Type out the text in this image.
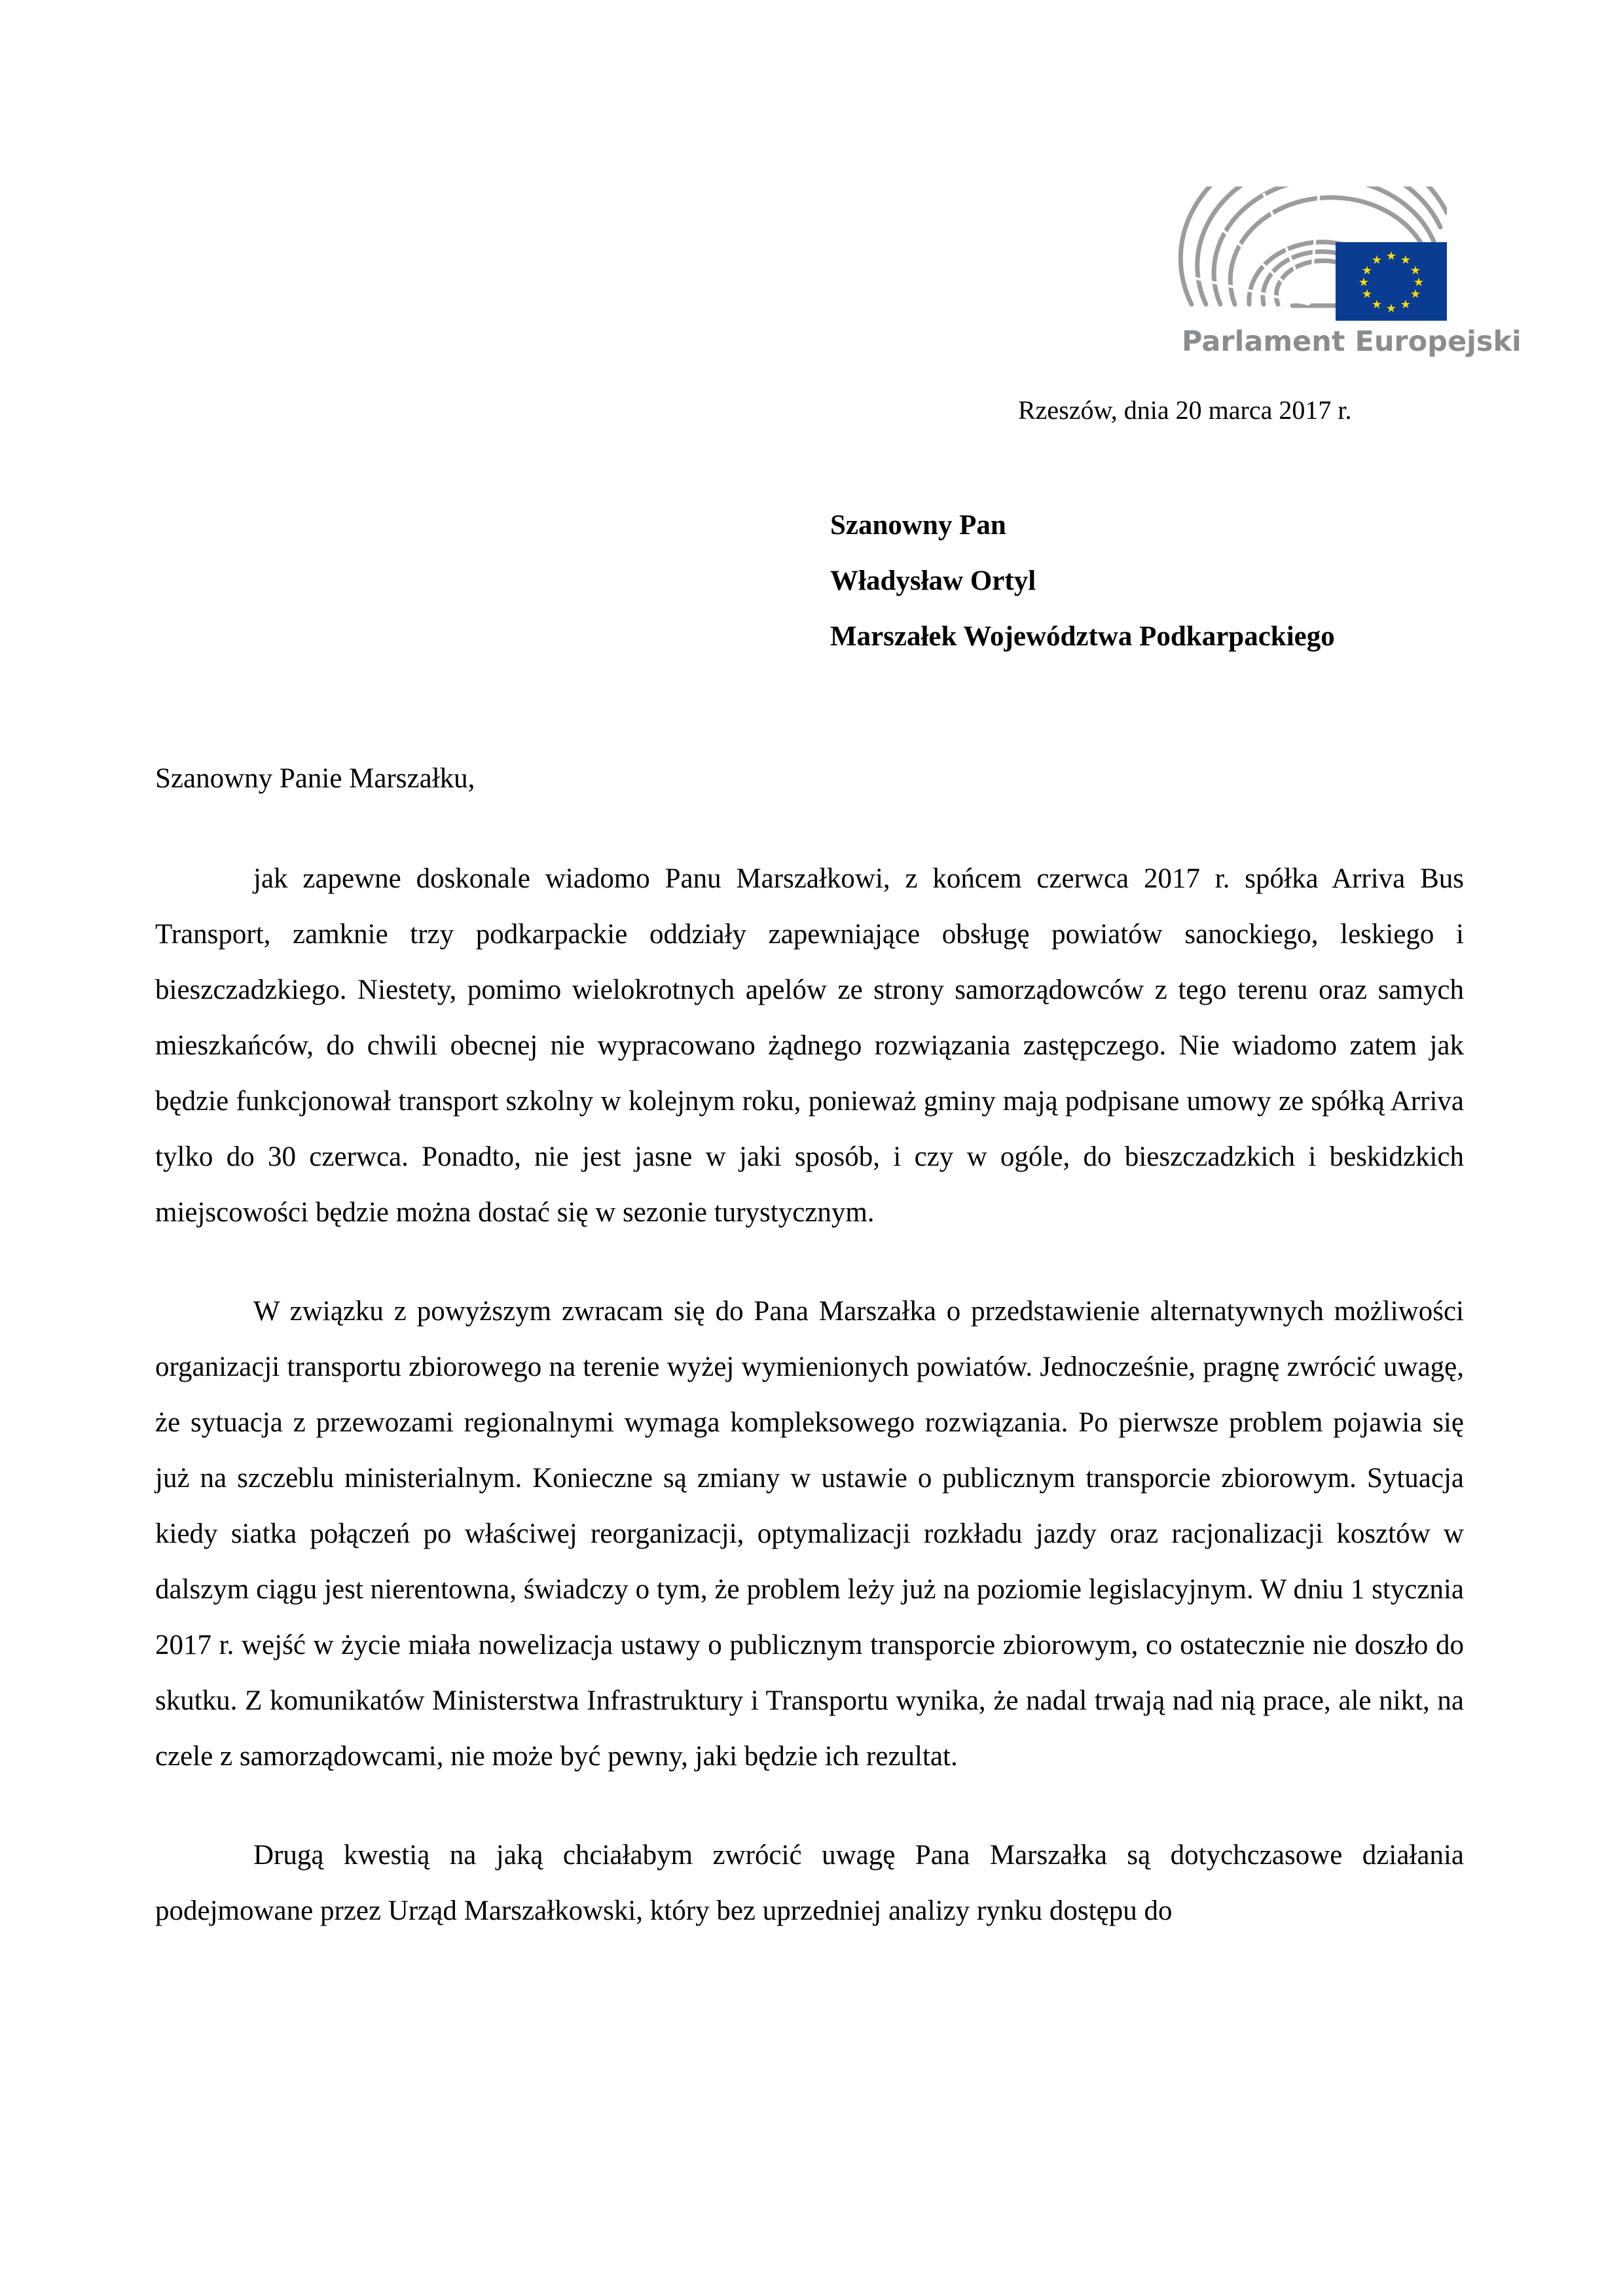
★ ★
★
★
★
★
★
★
★
★
★
★
Parlament Europejski
Rzeszów, dnia 20 marca 2017 r.
Szanowny Pan
Władysław Ortyl
Marszałek Województwa Podkarpackiego
Szanowny Panie Marszałku,

jak zapewne doskonale wiadomo Panu Marszałkowi, z końcem czerwca 2017 r. spółka Arriva Bus Transport, zamknie trzy podkarpackie oddziały zapewniające obsługę powiatów sanockiego, leskiego i bieszczadzkiego. Niestety, pomimo wielokrotnych apelów ze strony samorządowców z tego terenu oraz samych mieszkańców, do chwili obecnej nie wypracowano żądnego rozwiązania zastępczego. Nie wiadomo zatem jak będzie funkcjonował transport szkolny w kolejnym roku, ponieważ gminy mają podpisane umowy ze spółką Arriva tylko do 30 czerwca. Ponadto, nie jest jasne w jaki sposób, i czy w ogóle, do bieszczadzkich i beskidzkich miejscowości będzie można dostać się w sezonie turystycznym.

W związku z powyższym zwracam się do Pana Marszałka o przedstawienie alternatywnych możliwości organizacji transportu zbiorowego na terenie wyżej wymienionych powiatów. Jednocześnie, pragnę zwrócić uwagę, że sytuacja z przewozami regionalnymi wymaga kompleksowego rozwiązania. Po pierwsze problem pojawia się już na szczeblu ministerialnym. Konieczne są zmiany w ustawie o publicznym transporcie zbiorowym. Sytuacja kiedy siatka połączeń po właściwej reorganizacji, optymalizacji rozkładu jazdy oraz racjonalizacji kosztów w dalszym ciągu jest nierentowna, świadczy o tym, że problem leży już na poziomie legislacyjnym. W dniu 1 stycznia 2017 r. wejść w życie miała nowelizacja ustawy o publicznym transporcie zbiorowym, co ostatecznie nie doszło do skutku. Z komunikatów Ministerstwa Infrastruktury i Transportu wynika, że nadal trwają nad nią prace, ale nikt, na czele z samorządowcami, nie może być pewny, jaki będzie ich rezultat.

Drugą kwestią na jaką chciałabym zwrócić uwagę Pana Marszałka są dotychczasowe działania podejmowane przez Urząd Marszałkowski, który bez uprzedniej analizy rynku dostępu do
